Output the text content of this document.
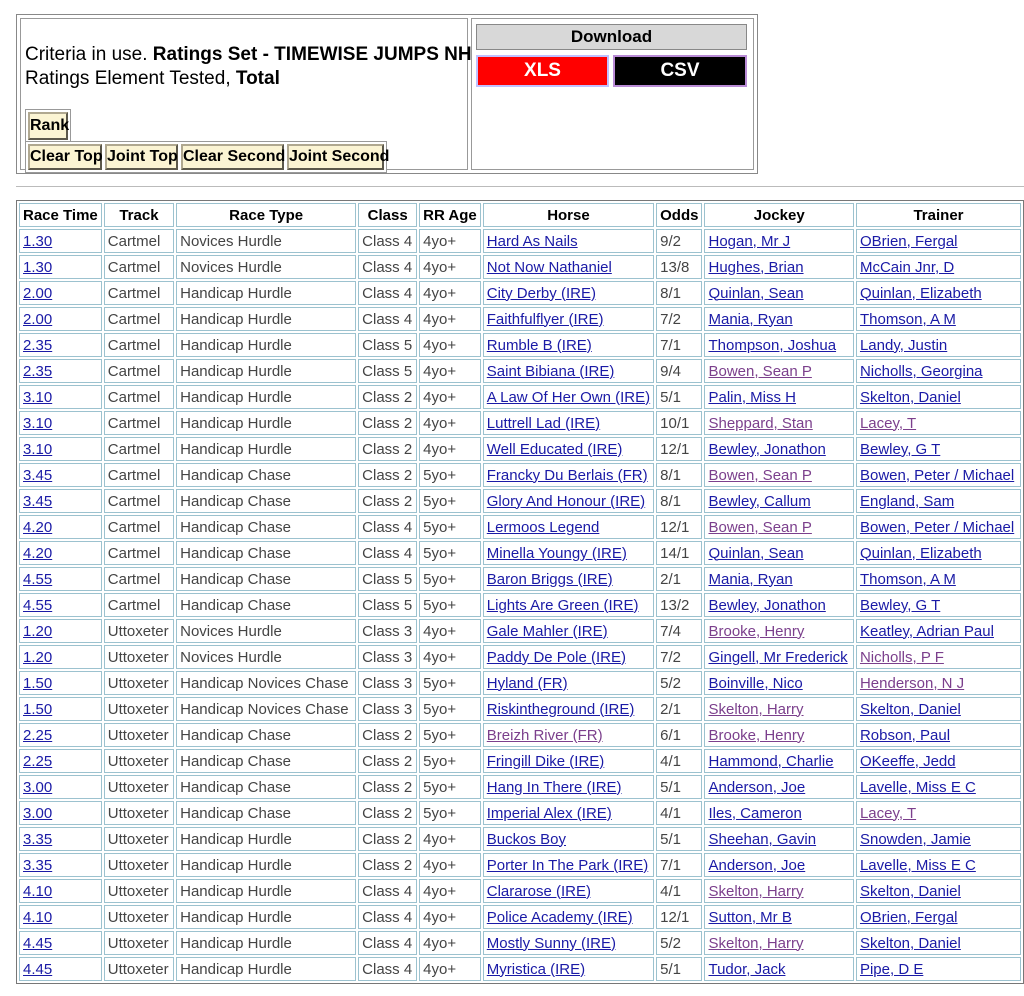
Criteria in use. Ratings Set - TIMEWISE JUMPS NH
Ratings Element Tested, Total
Rank
Clear Top Joint Top Clear Second Joint Second
Download
XLS	CSV
Race Time	Track	Race Type	Class	RR Age	Horse	Odds	Jockey	Trainer
1.30	Cartmel	Novices Hurdle	Class 4	4yo+	Hard As Nails	9/2	Hogan, Mr J	OBrien, Fergal
1.30	Cartmel	Novices Hurdle	Class 4	4yo+	Not Now Nathaniel	13/8	Hughes, Brian	McCain Jnr, D
2.00	Cartmel	Handicap Hurdle	Class 4	4yo+	City Derby (IRE)	8/1	Quinlan, Sean	Quinlan, Elizabeth
2.00	Cartmel	Handicap Hurdle	Class 4	4yo+	Faithfulflyer (IRE)	7/2	Mania, Ryan	Thomson, A M
2.35	Cartmel	Handicap Hurdle	Class 5	4yo+	Rumble B (IRE)	7/1	Thompson, Joshua	Landy, Justin
2.35	Cartmel	Handicap Hurdle	Class 5	4yo+	Saint Bibiana (IRE)	9/4	Bowen, Sean P	Nicholls, Georgina
3.10	Cartmel	Handicap Hurdle	Class 2	4yo+	A Law Of Her Own (IRE)	5/1	Palin, Miss H	Skelton, Daniel
3.10	Cartmel	Handicap Hurdle	Class 2	4yo+	Luttrell Lad (IRE)	10/1	Sheppard, Stan	Lacey, T
3.10	Cartmel	Handicap Hurdle	Class 2	4yo+	Well Educated (IRE)	12/1	Bewley, Jonathon	Bewley, G T
3.45	Cartmel	Handicap Chase	Class 2	5yo+	Francky Du Berlais (FR)	8/1	Bowen, Sean P	Bowen, Peter / Michael
3.45	Cartmel	Handicap Chase	Class 2	5yo+	Glory And Honour (IRE)	8/1	Bewley, Callum	England, Sam
4.20	Cartmel	Handicap Chase	Class 4	5yo+	Lermoos Legend	12/1	Bowen, Sean P	Bowen, Peter / Michael
4.20	Cartmel	Handicap Chase	Class 4	5yo+	Minella Youngy (IRE)	14/1	Quinlan, Sean	Quinlan, Elizabeth
4.55	Cartmel	Handicap Chase	Class 5	5yo+	Baron Briggs (IRE)	2/1	Mania, Ryan	Thomson, A M
4.55	Cartmel	Handicap Chase	Class 5	5yo+	Lights Are Green (IRE)	13/2	Bewley, Jonathon	Bewley, G T
1.20	Uttoxeter	Novices Hurdle	Class 3	4yo+	Gale Mahler (IRE)	7/4	Brooke, Henry	Keatley, Adrian Paul
1.20	Uttoxeter	Novices Hurdle	Class 3	4yo+	Paddy De Pole (IRE)	7/2	Gingell, Mr Frederick	Nicholls, P F
1.50	Uttoxeter	Handicap Novices Chase	Class 3	5yo+	Hyland (FR)	5/2	Boinville, Nico	Henderson, N J
1.50	Uttoxeter	Handicap Novices Chase	Class 3	5yo+	Riskintheground (IRE)	2/1	Skelton, Harry	Skelton, Daniel
2.25	Uttoxeter	Handicap Chase	Class 2	5yo+	Breizh River (FR)	6/1	Brooke, Henry	Robson, Paul
2.25	Uttoxeter	Handicap Chase	Class 2	5yo+	Fringill Dike (IRE)	4/1	Hammond, Charlie	OKeeffe, Jedd
3.00	Uttoxeter	Handicap Chase	Class 2	5yo+	Hang In There (IRE)	5/1	Anderson, Joe	Lavelle, Miss E C
3.00	Uttoxeter	Handicap Chase	Class 2	5yo+	Imperial Alex (IRE)	4/1	Iles, Cameron	Lacey, T
3.35	Uttoxeter	Handicap Hurdle	Class 2	4yo+	Buckos Boy	5/1	Sheehan, Gavin	Snowden, Jamie
3.35	Uttoxeter	Handicap Hurdle	Class 2	4yo+	Porter In The Park (IRE)	7/1	Anderson, Joe	Lavelle, Miss E C
4.10	Uttoxeter	Handicap Hurdle	Class 4	4yo+	Clararose (IRE)	4/1	Skelton, Harry	Skelton, Daniel
4.10	Uttoxeter	Handicap Hurdle	Class 4	4yo+	Police Academy (IRE)	12/1	Sutton, Mr B	OBrien, Fergal
4.45	Uttoxeter	Handicap Hurdle	Class 4	4yo+	Mostly Sunny (IRE)	5/2	Skelton, Harry	Skelton, Daniel
4.45	Uttoxeter	Handicap Hurdle	Class 4	4yo+	Myristica (IRE)	5/1	Tudor, Jack	Pipe, D E
